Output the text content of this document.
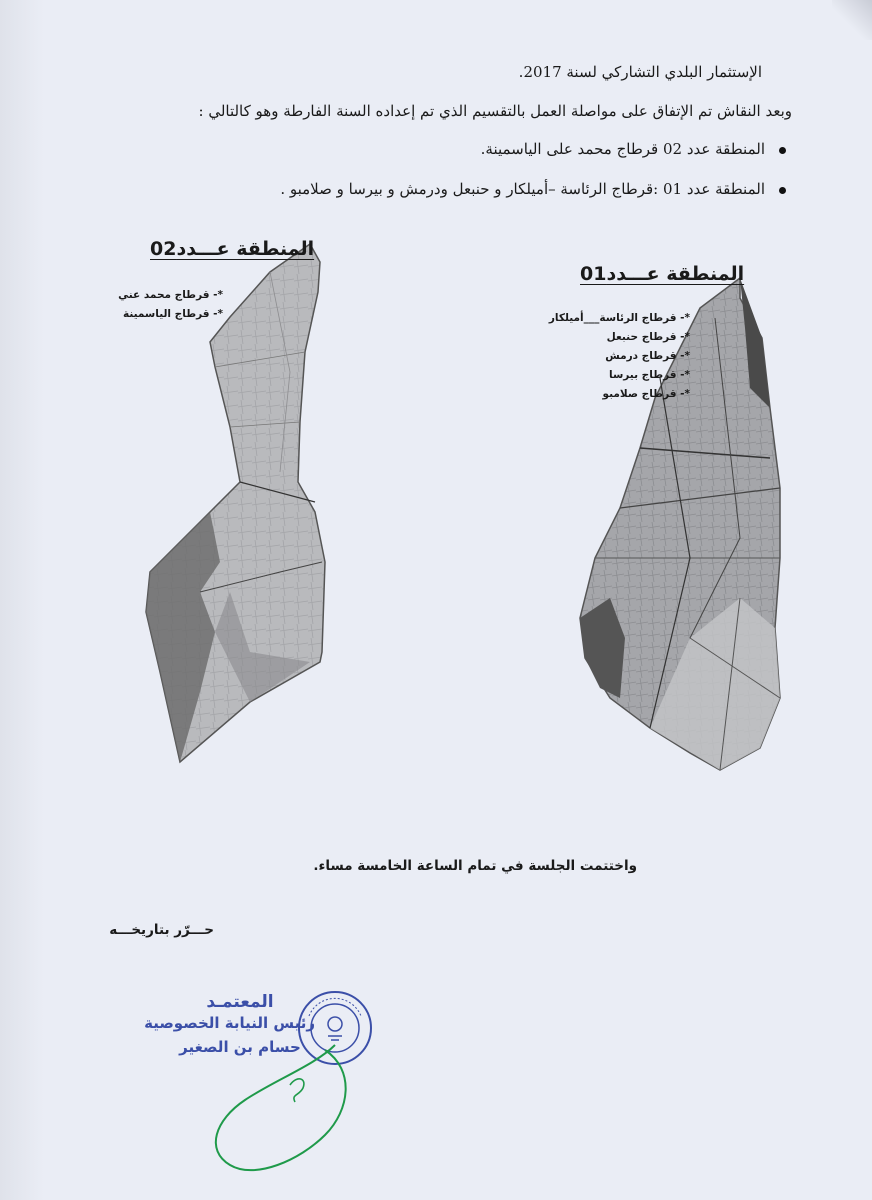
الإستثمار البلدي التشاركي لسنة 2017.
وبعد النقاش تم الإتفاق على مواصلة العمل بالتقسيم الذي تم إعداده السنة الفارطة وهو كالتالي :
المنطقة عدد 02 قرطاج محمد على الياسمينة.
المنطقة عدد 01 :قرطاج الرئاسة –أميلكار و حنبعل ودرمش و بيرسا و صلامبو .
المنطقة عـــدد02
*- قرطاج محمد عني
*- قرطاج الياسمينة
المنطقة عـــدد01
*- قرطاج الرئاسة___أميلكار
*- قرطاج حنبعل
*- قرطاج درمش
*- قرطاج بيرسا
*- قرطاج صلامبو
واختتمت الجلسة في تمام الساعة الخامسة مساء.
حـــرّر بتاريخـــه
المعتمـد
رئيس النيابة الخصوصية
حسام بن الصغير
